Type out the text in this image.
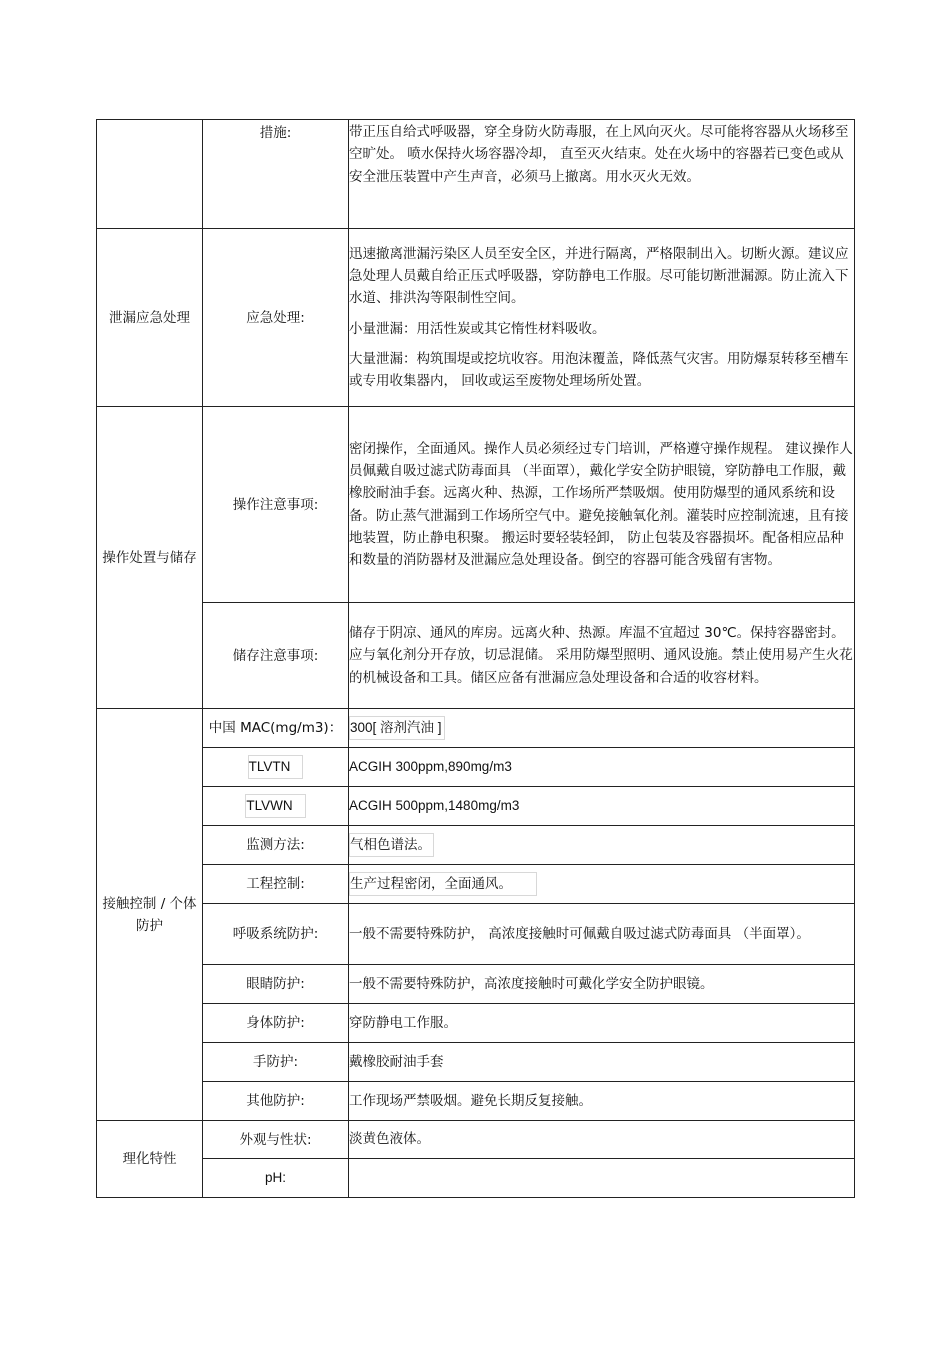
	措施:	带正压自给式呼吸器，穿全身防火防毒服，在上风向灭火。尽可能将容器从火场移至空旷处。 喷水保持火场容器冷却， 直至灭火结束。处在火场中的容器若已变色或从安全泄压装置中产生声音，必须马上撤离。用水灭火无效。
泄漏应急处理	应急处理:	迅速撤离泄漏污染区人员至安全区，并进行隔离，严格限制出入。切断火源。建议应急处理人员戴自给正压式呼吸器，穿防静电工作服。尽可能切断泄漏源。防止流入下水道、排洪沟等限制性空间。
小量泄漏：用活性炭或其它惰性材料吸收。
大量泄漏：构筑围堤或挖坑收容。用泡沫覆盖，降低蒸气灾害。用防爆泵转移至槽车或专用收集器内， 回收或运至废物处理场所处置。

操作处置与储存	操作注意事项:	密闭操作，全面通风。操作人员必须经过专门培训，严格遵守操作规程。 建议操作人员佩戴自吸过滤式防毒面具 （半面罩），戴化学安全防护眼镜，穿防静电工作服，戴橡胶耐油手套。远离火种、热源，工作场所严禁吸烟。使用防爆型的通风系统和设备。防止蒸气泄漏到工作场所空气中。避免接触氧化剂。灌装时应控制流速，且有接地装置，防止静电积聚。 搬运时要轻装轻卸， 防止包装及容器损坏。配备相应品种和数量的消防器材及泄漏应急处理设备。倒空的容器可能含残留有害物。
	储存注意事项:	储存于阴凉、通风的库房。远离火种、热源。库温不宜超过 30℃。保持容器密封。 应与氧化剂分开存放，切忌混储。 采用防爆型照明、通风设施。禁止使用易产生火花的机械设备和工具。储区应备有泄漏应急处理设备和合适的收容材料。
接触控制 / 个体防护	中国 MAC(mg/m3)：	300[ 溶剂汽油 ]
	TLVTN	ACGIH 300ppm,890mg/m3
	TLVWN	ACGIH 500ppm,1480mg/m3
	监测方法:	气相色谱法。
	工程控制:	生产过程密闭，全面通风。
	呼吸系统防护:	一般不需要特殊防护， 高浓度接触时可佩戴自吸过滤式防毒面具 （半面罩）。
	眼睛防护:	一般不需要特殊防护，高浓度接触时可戴化学安全防护眼镜。
	身体防护:	穿防静电工作服。
	手防护:	戴橡胶耐油手套
	其他防护:	工作现场严禁吸烟。避免长期反复接触。
理化特性	外观与性状:	淡黄色液体。
	pH:	
